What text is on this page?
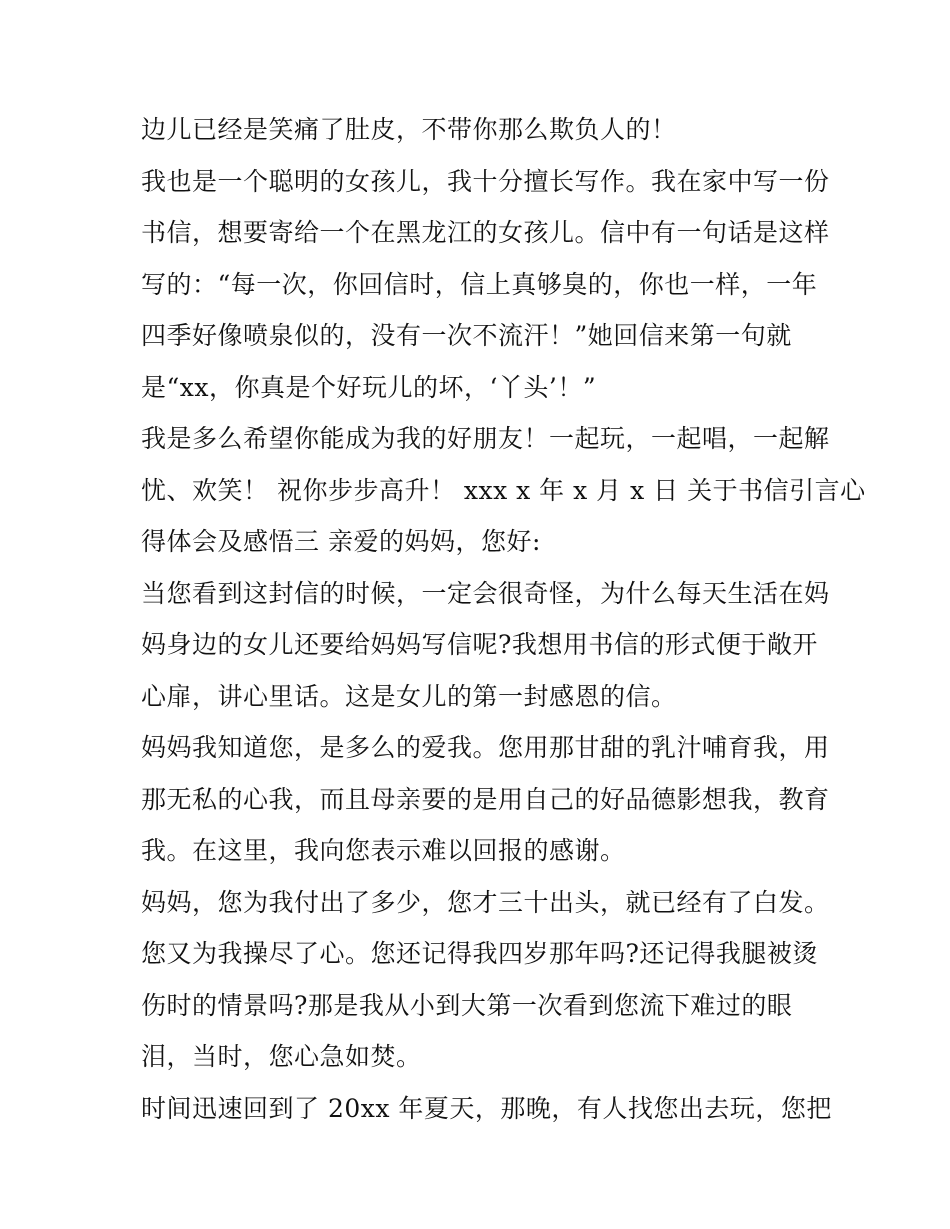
边儿已经是笑痛了肚皮，不带你那么欺负人的！
我也是一个聪明的女孩儿，我十分擅长写作。我在家中写一份
书信，想要寄给一个在黑龙江的女孩儿。信中有一句话是这样
写的：“每一次，你回信时，信上真够臭的，你也一样，一年
四季好像喷泉似的，没有一次不流汗！”她回信来第一句就
是“xx，你真是个好玩儿的坏，‘丫头’！”
我是多么希望你能成为我的好朋友！一起玩，一起唱，一起解
忧、欢笑！ 祝你步步高升！ xxx x 年 x 月 x 日 关于书信引言心
得体会及感悟三 亲爱的妈妈，您好:
当您看到这封信的时候，一定会很奇怪，为什么每天生活在妈
妈身边的女儿还要给妈妈写信呢?我想用书信的形式便于敞开
心扉，讲心里话。这是女儿的第一封感恩的信。
妈妈我知道您，是多么的爱我。您用那甘甜的乳汁哺育我，用
那无私的心我，而且母亲要的是用自己的好品德影想我，教育
我。在这里，我向您表示难以回报的感谢。
妈妈，您为我付出了多少，您才三十出头，就已经有了白发。
您又为我操尽了心。您还记得我四岁那年吗?还记得我腿被烫
伤时的情景吗?那是我从小到大第一次看到您流下难过的眼
泪，当时，您心急如焚。
时间迅速回到了 20xx 年夏天，那晚，有人找您出去玩，您把
